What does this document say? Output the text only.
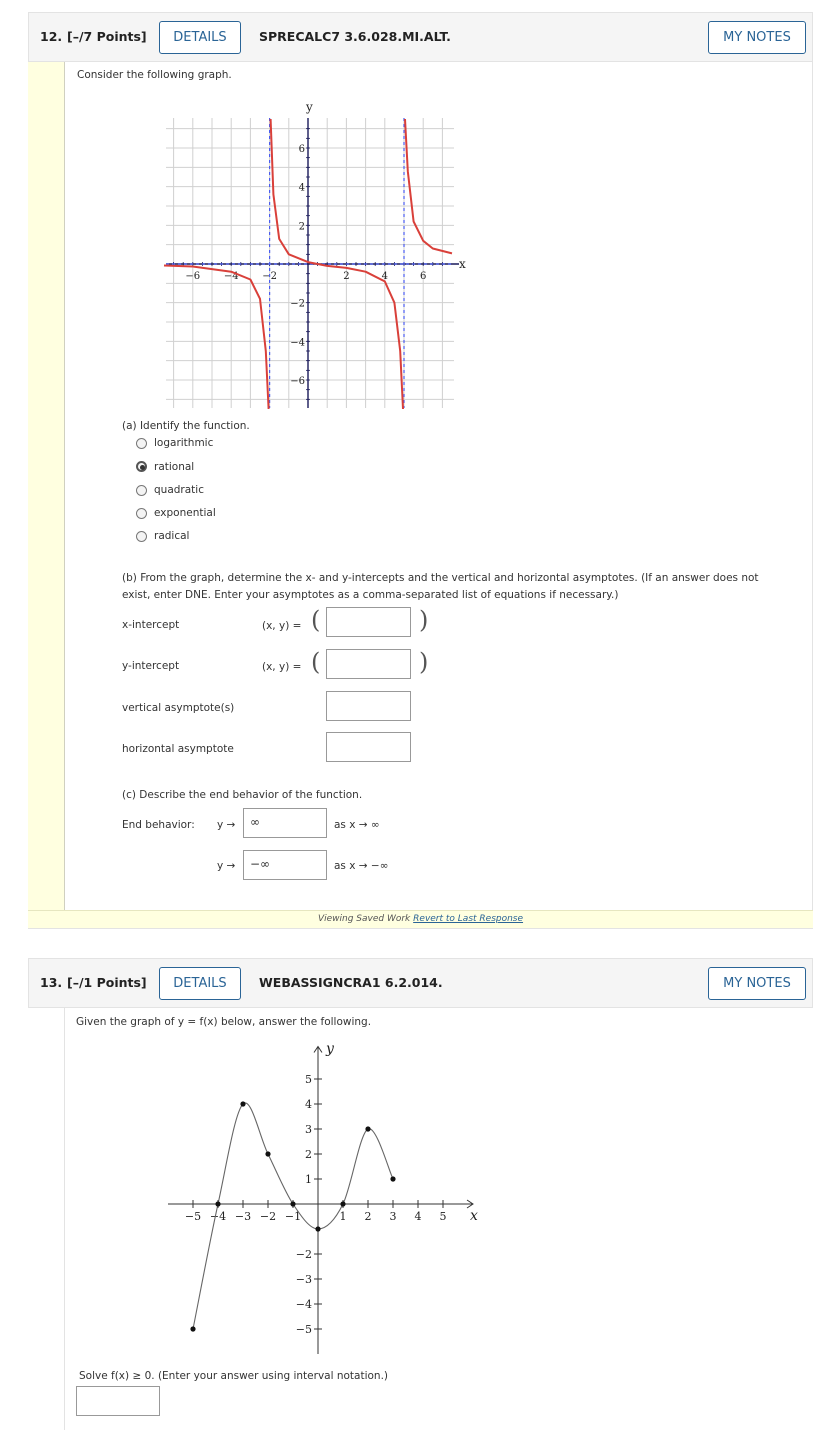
12. [–/7 Points]	DETAILS	SPRECALC7 3.6.028.MI.ALT.	MY NOTES
Consider the following graph.
y
x
−6 −4 −2	2	4	6
6
4
2
−2
−4
−6
(a) Identify the function.
logarithmic
rational
quadratic
exponential
radical
(b) From the graph, determine the x- and y-intercepts and the vertical and horizontal asymptotes. (If an answer does not
exist, enter DNE. Enter your asymptotes as a comma-separated list of equations if necessary.)
x-intercept	(x, y) = (	)
y-intercept	(x, y) = (	)
vertical asymptote(s)
horizontal asymptote
(c) Describe the end behavior of the function.
End behavior: y →	∞	as x → ∞
y →	−∞	as x → −∞
Viewing Saved Work Revert to Last Response
13. [–/1 Points]	DETAILS	WEBASSIGNCRA1 6.2.014.	MY NOTES
Given the graph of y = f(x) below, answer the following.
y
x
−5 −4 −3 −2 −1	1 2 3 4 5
5
4
3
2
1
−2
−3
−4
−5
Solve f(x) ≥ 0. (Enter your answer using interval notation.)
